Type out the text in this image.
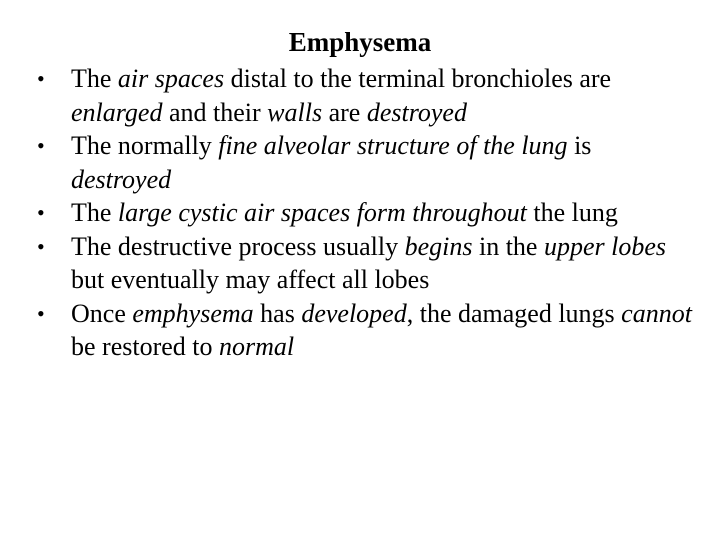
Emphysema
• The air spaces distal to the terminal bronchioles are enlarged and their walls are destroyed
• The normally fine alveolar structure of the lung is destroyed
• The large cystic air spaces form throughout the lung
• The destructive process usually begins in the upper lobes but eventually may affect all lobes
• Once emphysema has developed, the damaged lungs cannot be restored to normal
